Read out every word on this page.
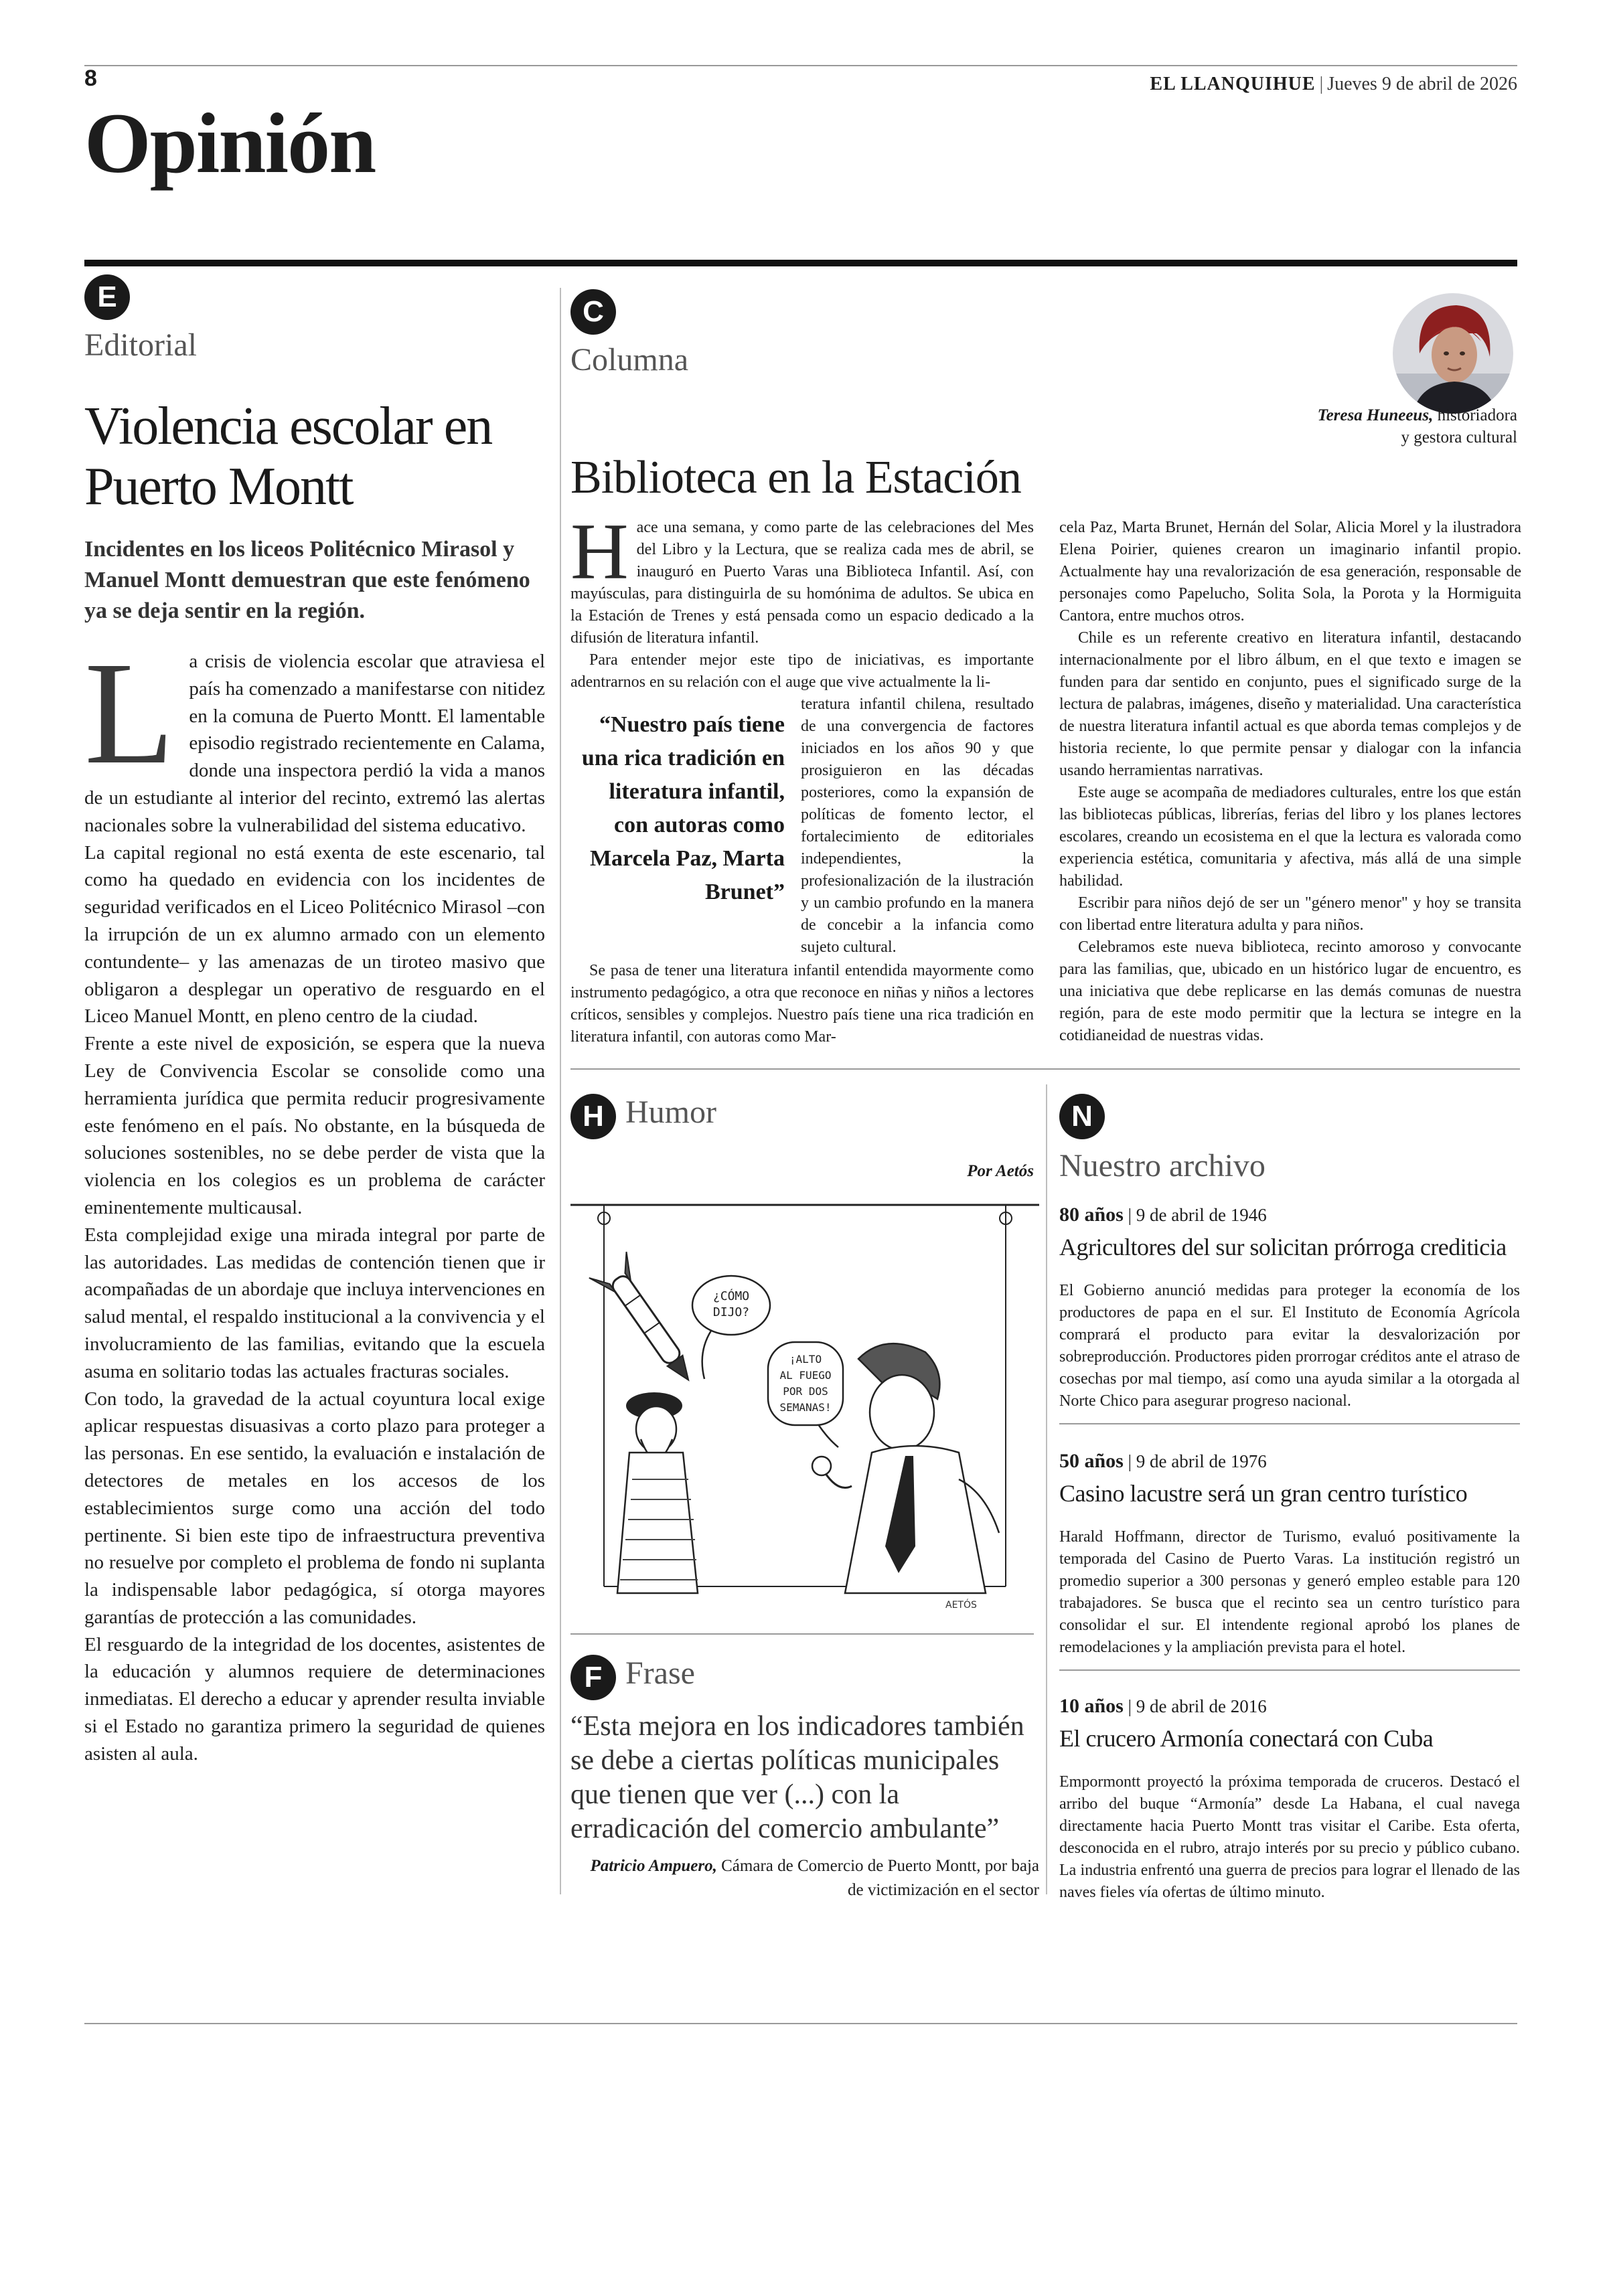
8	EL LLANQUIHUE | Jueves 9 de abril de 2026
Opinión
E
Editorial
Violencia escolar en Puerto Montt
Incidentes en los liceos Politécnico Mirasol y Manuel Montt demuestran que este fenómeno ya se deja sentir en la región.

La crisis de violencia escolar que atraviesa el país ha comenzado a manifestarse con nitidez en la comuna de Puerto Montt. El lamentable episodio registrado recientemente en Calama, donde una inspectora perdió la vida a manos de un estudiante al interior del recinto, extremó las alertas nacionales sobre la vulnerabilidad del sistema educativo.

La capital regional no está exenta de este escenario, tal como ha quedado en evidencia con los incidentes de seguridad verificados en el Liceo Politécnico Mirasol –con la irrupción de un ex alumno armado con un elemento contundente– y las amenazas de un tiroteo masivo que obligaron a desplegar un operativo de resguardo en el Liceo Manuel Montt, en pleno centro de la ciudad.

Frente a este nivel de exposición, se espera que la nueva Ley de Convivencia Escolar se consolide como una herramienta jurídica que permita reducir progresivamente este fenómeno en el país. No obstante, en la búsqueda de soluciones sostenibles, no se debe perder de vista que la violencia en los colegios es un problema de carácter eminentemente multicausal.

Esta complejidad exige una mirada integral por parte de las autoridades. Las medidas de contención tienen que ir acompañadas de un abordaje que incluya intervenciones en salud mental, el respaldo institucional a la convivencia y el involucramiento de las familias, evitando que la escuela asuma en solitario todas las actuales fracturas sociales.

Con todo, la gravedad de la actual coyuntura local exige aplicar respuestas disuasivas a corto plazo para proteger a las personas. En ese sentido, la evaluación e instalación de detectores de metales en los accesos de los establecimientos surge como una acción del todo pertinente. Si bien este tipo de infraestructura preventiva no resuelve por completo el problema de fondo ni suplanta la indispensable labor pedagógica, sí otorga mayores garantías de protección a las comunidades.

El resguardo de la integridad de los docentes, asistentes de la educación y alumnos requiere de determinaciones inmediatas. El derecho a educar y aprender resulta inviable si el Estado no garantiza primero la seguridad de quienes asisten al aula.

C
Columna
Teresa Huneeus, historiadora
y gestora cultural
Biblioteca en la Estación

Hace una semana, y como parte de las celebraciones del Mes del Libro y la Lectura, que se realiza cada mes de abril, se inauguró en Puerto Varas una Biblioteca Infantil. Así, con mayúsculas, para distinguirla de su homónima de adultos. Se ubica en la Estación de Trenes y está pensada como un espacio dedicado a la difusión de literatura infantil.

Para entender mejor este tipo de iniciativas, es importante adentrarnos en su relación con el auge que vive actualmente la li-

“Nuestro país tiene una rica tradición en literatura infantil, con autoras como Marcela Paz, Marta Brunet”

teratura infantil chilena, resultado de una convergencia de factores iniciados en los años 90 y que prosiguieron en las décadas posteriores, como la expansión de políticas de fomento lector, el fortalecimiento de editoriales independientes, la profesionalización de la ilustración y un cambio profundo en la manera de concebir a la infancia como sujeto cultural.

Se pasa de tener una literatura infantil entendida mayormente como instrumento pedagógico, a otra que reconoce en niñas y niños a lectores críticos, sensibles y complejos. Nuestro país tiene una rica tradición en literatura infantil, con autoras como Mar-

cela Paz, Marta Brunet, Hernán del Solar, Alicia Morel y la ilustradora Elena Poirier, quienes crearon un imaginario infantil propio. Actualmente hay una revalorización de esa generación, responsable de personajes como Papelucho, Solita Sola, la Porota y la Hormiguita Cantora, entre muchos otros.

Chile es un referente creativo en literatura infantil, destacando internacionalmente por el libro álbum, en el que texto e imagen se funden para dar sentido en conjunto, pues el significado surge de la lectura de palabras, imágenes, diseño y materialidad. Una característica de nuestra literatura infantil actual es que aborda temas complejos y de historia reciente, lo que permite pensar y dialogar con la infancia usando herramientas narrativas.

Este auge se acompaña de mediadores culturales, entre los que están las bibliotecas públicas, librerías, ferias del libro y los planes lectores escolares, creando un ecosistema en el que la lectura es valorada como experiencia estética, comunitaria y afectiva, más allá de una simple habilidad.

Escribir para niños dejó de ser un "género menor" y hoy se transita con libertad entre literatura adulta y para niños.

Celebramos este nueva biblioteca, recinto amoroso y convocante para las familias, que, ubicado en un histórico lugar de encuentro, es una iniciativa que debe replicarse en las demás comunas de nuestra región, para de este modo permitir que la lectura se integre en la cotidianeidad de nuestras vidas.

H Humor
Por Aetós
¿CÓMO
DIJO?
¡ALTO
AL FUEGO
POR DOS
SEMANAS!
AETÓS
F Frase
“Esta mejora en los indicadores también se debe a ciertas políticas municipales que tienen que ver (...) con la erradicación del comercio ambulante”
Patricio Ampuero, Cámara de Comercio de Puerto Montt, por baja de victimización en el sector
N
Nuestro archivo
80 años | 9 de abril de 1946
Agricultores del sur solicitan prórroga crediticia
El Gobierno anunció medidas para proteger la economía de los productores de papa en el sur. El Instituto de Economía Agrícola comprará el producto para evitar la desvalorización por sobreproducción. Productores piden prorrogar créditos ante el atraso de cosechas por mal tiempo, así como una ayuda similar a la otorgada al Norte Chico para asegurar progreso nacional.
50 años | 9 de abril de 1976
Casino lacustre será un gran centro turístico
Harald Hoffmann, director de Turismo, evaluó positivamente la temporada del Casino de Puerto Varas. La institución registró un promedio superior a 300 personas y generó empleo estable para 120 trabajadores. Se busca que el recinto sea un centro turístico para consolidar el sur. El intendente regional aprobó los planes de remodelaciones y la ampliación prevista para el hotel.
10 años | 9 de abril de 2016
El crucero Armonía conectará con Cuba
Empormontt proyectó la próxima temporada de cruceros. Destacó el arribo del buque “Armonía” desde La Habana, el cual navega directamente hacia Puerto Montt tras visitar el Caribe. Esta oferta, desconocida en el rubro, atrajo interés por su precio y público cubano. La industria enfrentó una guerra de precios para lograr el llenado de las naves fieles vía ofertas de último minuto.
